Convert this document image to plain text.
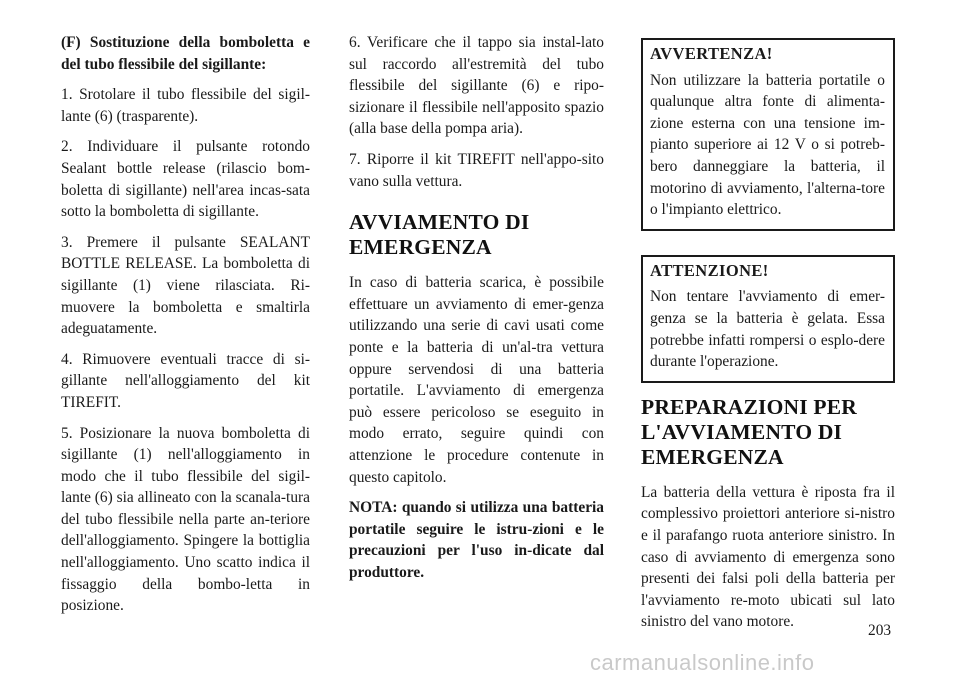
(F) Sostituzione della bomboletta e del tubo flessibile del sigillante:

1. Srotolare il tubo flessibile del sigil-lante (6) (trasparente).

2. Individuare il pulsante rotondo Sealant bottle release (rilascio bom-boletta di sigillante) nell'area incas-sata sotto la bomboletta di sigillante.

3. Premere il pulsante SEALANT BOTTLE RELEASE. La bomboletta di sigillante (1) viene rilasciata. Ri-muovere la bomboletta e smaltirla adeguatamente.

4. Rimuovere eventuali tracce di si-gillante nell'alloggiamento del kit TIREFIT.

5. Posizionare la nuova bomboletta di sigillante (1) nell'alloggiamento in modo che il tubo flessibile del sigil-lante (6) sia allineato con la scanala-tura del tubo flessibile nella parte an-teriore dell'alloggiamento. Spingere la bottiglia nell'alloggiamento. Uno scatto indica il fissaggio della bombo-letta in posizione.

6. Verificare che il tappo sia instal-lato sul raccordo all'estremità del tubo flessibile del sigillante (6) e ripo-sizionare il flessibile nell'apposito spazio (alla base della pompa aria).

7. Riporre il kit TIREFIT nell'appo-sito vano sulla vettura.

AVVIAMENTO DI EMERGENZA

In caso di batteria scarica, è possibile effettuare un avviamento di emer-genza utilizzando una serie di cavi usati come ponte e la batteria di un'al-tra vettura oppure servendosi di una batteria portatile. L'avviamento di emergenza può essere pericoloso se eseguito in modo errato, seguire quindi con attenzione le procedure contenute in questo capitolo.

NOTA: quando si utilizza una batteria portatile seguire le istru-zioni e le precauzioni per l'uso in-dicate dal produttore.

AVVERTENZA!

Non utilizzare la batteria portatile o qualunque altra fonte di alimenta-zione esterna con una tensione im-pianto superiore ai 12 V o si potreb-bero danneggiare la batteria, il motorino di avviamento, l'alterna-tore o l'impianto elettrico.

ATTENZIONE!

Non tentare l'avviamento di emer-genza se la batteria è gelata. Essa potrebbe infatti rompersi o esplo-dere durante l'operazione.

PREPARAZIONI PER L'AVVIAMENTO DI EMERGENZA

La batteria della vettura è riposta fra il complessivo proiettori anteriore si-nistro e il parafango ruota anteriore sinistro. In caso di avviamento di emergenza sono presenti dei falsi poli della batteria per l'avviamento re-moto ubicati sul lato sinistro del vano motore.

203
carmanualsonline.info
